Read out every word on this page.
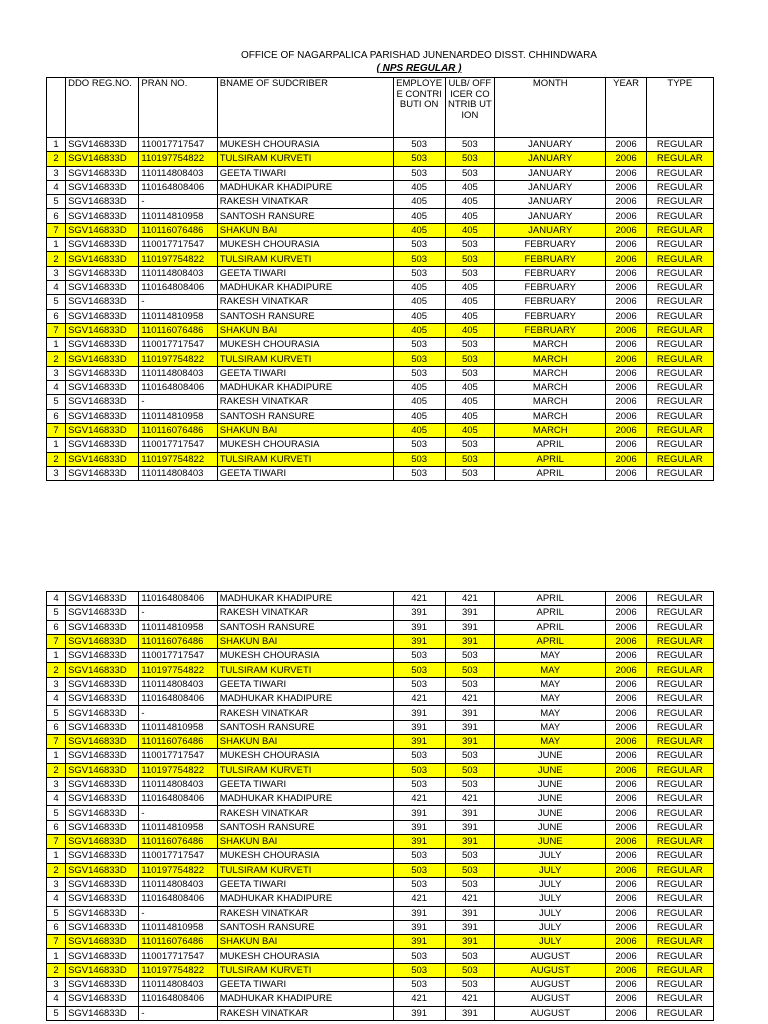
OFFICE OF NAGARPALICA PARISHAD JUNENARDEO DISST. CHHINDWARA
( NPS REGULAR )
	DDO REG.NO.	PRAN NO.	BNAME OF SUDCRIBER	EMPLOYEE CONTRIBUTI ON	ULB/ OFFICER CONTRIB UTION	MONTH	YEAR	TYPE
1	SGV146833D	110017717547	MUKESH CHOURASIA	503	503	JANUARY	2006	REGULAR
2	SGV146833D	110197754822	TULSIRAM KURVETI	503	503	JANUARY	2006	REGULAR
3	SGV146833D	110114808403	GEETA TIWARI	503	503	JANUARY	2006	REGULAR
4	SGV146833D	110164808406	MADHUKAR KHADIPURE	405	405	JANUARY	2006	REGULAR
5	SGV146833D	-	RAKESH VINATKAR	405	405	JANUARY	2006	REGULAR
6	SGV146833D	110114810958	SANTOSH RANSURE	405	405	JANUARY	2006	REGULAR
7	SGV146833D	110116076486	SHAKUN BAI	405	405	JANUARY	2006	REGULAR
1	SGV146833D	110017717547	MUKESH CHOURASIA	503	503	FEBRUARY	2006	REGULAR
2	SGV146833D	110197754822	TULSIRAM KURVETI	503	503	FEBRUARY	2006	REGULAR
3	SGV146833D	110114808403	GEETA TIWARI	503	503	FEBRUARY	2006	REGULAR
4	SGV146833D	110164808406	MADHUKAR KHADIPURE	405	405	FEBRUARY	2006	REGULAR
5	SGV146833D	-	RAKESH VINATKAR	405	405	FEBRUARY	2006	REGULAR
6	SGV146833D	110114810958	SANTOSH RANSURE	405	405	FEBRUARY	2006	REGULAR
7	SGV146833D	110116076486	SHAKUN BAI	405	405	FEBRUARY	2006	REGULAR
1	SGV146833D	110017717547	MUKESH CHOURASIA	503	503	MARCH	2006	REGULAR
2	SGV146833D	110197754822	TULSIRAM KURVETI	503	503	MARCH	2006	REGULAR
3	SGV146833D	110114808403	GEETA TIWARI	503	503	MARCH	2006	REGULAR
4	SGV146833D	110164808406	MADHUKAR KHADIPURE	405	405	MARCH	2006	REGULAR
5	SGV146833D	-	RAKESH VINATKAR	405	405	MARCH	2006	REGULAR
6	SGV146833D	110114810958	SANTOSH RANSURE	405	405	MARCH	2006	REGULAR
7	SGV146833D	110116076486	SHAKUN BAI	405	405	MARCH	2006	REGULAR
1	SGV146833D	110017717547	MUKESH CHOURASIA	503	503	APRIL	2006	REGULAR
2	SGV146833D	110197754822	TULSIRAM KURVETI	503	503	APRIL	2006	REGULAR
3	SGV146833D	110114808403	GEETA TIWARI	503	503	APRIL	2006	REGULAR
4	SGV146833D	110164808406	MADHUKAR KHADIPURE	421	421	APRIL	2006	REGULAR
5	SGV146833D	-	RAKESH VINATKAR	391	391	APRIL	2006	REGULAR
6	SGV146833D	110114810958	SANTOSH RANSURE	391	391	APRIL	2006	REGULAR
7	SGV146833D	110116076486	SHAKUN BAI	391	391	APRIL	2006	REGULAR
1	SGV146833D	110017717547	MUKESH CHOURASIA	503	503	MAY	2006	REGULAR
2	SGV146833D	110197754822	TULSIRAM KURVETI	503	503	MAY	2006	REGULAR
3	SGV146833D	110114808403	GEETA TIWARI	503	503	MAY	2006	REGULAR
4	SGV146833D	110164808406	MADHUKAR KHADIPURE	421	421	MAY	2006	REGULAR
5	SGV146833D	-	RAKESH VINATKAR	391	391	MAY	2006	REGULAR
6	SGV146833D	110114810958	SANTOSH RANSURE	391	391	MAY	2006	REGULAR
7	SGV146833D	110116076486	SHAKUN BAI	391	391	MAY	2006	REGULAR
1	SGV146833D	110017717547	MUKESH CHOURASIA	503	503	JUNE	2006	REGULAR
2	SGV146833D	110197754822	TULSIRAM KURVETI	503	503	JUNE	2006	REGULAR
3	SGV146833D	110114808403	GEETA TIWARI	503	503	JUNE	2006	REGULAR
4	SGV146833D	110164808406	MADHUKAR KHADIPURE	421	421	JUNE	2006	REGULAR
5	SGV146833D	-	RAKESH VINATKAR	391	391	JUNE	2006	REGULAR
6	SGV146833D	110114810958	SANTOSH RANSURE	391	391	JUNE	2006	REGULAR
7	SGV146833D	110116076486	SHAKUN BAI	391	391	JUNE	2006	REGULAR
1	SGV146833D	110017717547	MUKESH CHOURASIA	503	503	JULY	2006	REGULAR
2	SGV146833D	110197754822	TULSIRAM KURVETI	503	503	JULY	2006	REGULAR
3	SGV146833D	110114808403	GEETA TIWARI	503	503	JULY	2006	REGULAR
4	SGV146833D	110164808406	MADHUKAR KHADIPURE	421	421	JULY	2006	REGULAR
5	SGV146833D	-	RAKESH VINATKAR	391	391	JULY	2006	REGULAR
6	SGV146833D	110114810958	SANTOSH RANSURE	391	391	JULY	2006	REGULAR
7	SGV146833D	110116076486	SHAKUN BAI	391	391	JULY	2006	REGULAR
1	SGV146833D	110017717547	MUKESH CHOURASIA	503	503	AUGUST	2006	REGULAR
2	SGV146833D	110197754822	TULSIRAM KURVETI	503	503	AUGUST	2006	REGULAR
3	SGV146833D	110114808403	GEETA TIWARI	503	503	AUGUST	2006	REGULAR
4	SGV146833D	110164808406	MADHUKAR KHADIPURE	421	421	AUGUST	2006	REGULAR
5	SGV146833D	-	RAKESH VINATKAR	391	391	AUGUST	2006	REGULAR
